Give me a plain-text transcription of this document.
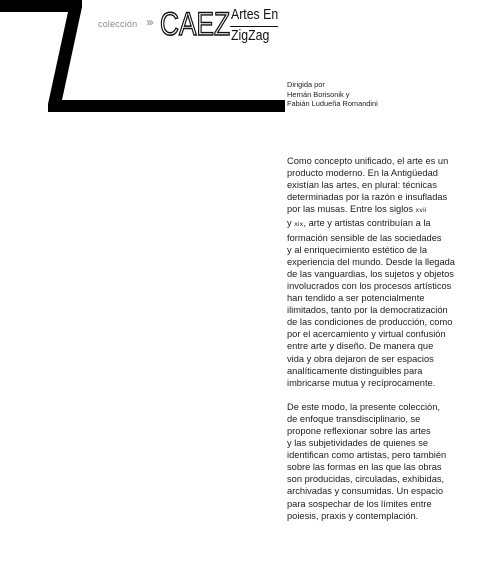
colección ››› CAEZ Artes En
ZigZag
Dirigida por
Hernán Borisonik y
Fabián Ludueña Romandini
Como concepto unificado, el arte es un
producto moderno. En la Antigüedad
existían las artes, en plural: técnicas
determinadas por la razón e insufladas
por las musas. Entre los siglos xvii
y xix, arte y artistas contribuían a la
formación sensible de las sociedades
y al enriquecimiento estético de la
experiencia del mundo. Desde la llegada
de las vanguardias, los sujetos y objetos
involucrados con los procesos artísticos
han tendido a ser potencialmente
ilimitados, tanto por la democratización
de las condiciones de producción, como
por el acercamiento y virtual confusión
entre arte y diseño. De manera que
vida y obra dejaron de ser espacios
analíticamente distinguibles para
imbricarse mutua y recíprocamente.
De este modo, la presente colección,
de enfoque transdisciplinario, se
propone reflexionar sobre las artes
y las subjetividades de quienes se
identifican como artistas, pero también
sobre las formas en las que las obras
son producidas, circuladas, exhibidas,
archivadas y consumidas. Un espacio
para sospechar de los límites entre
poiesis, praxis y contemplación.
